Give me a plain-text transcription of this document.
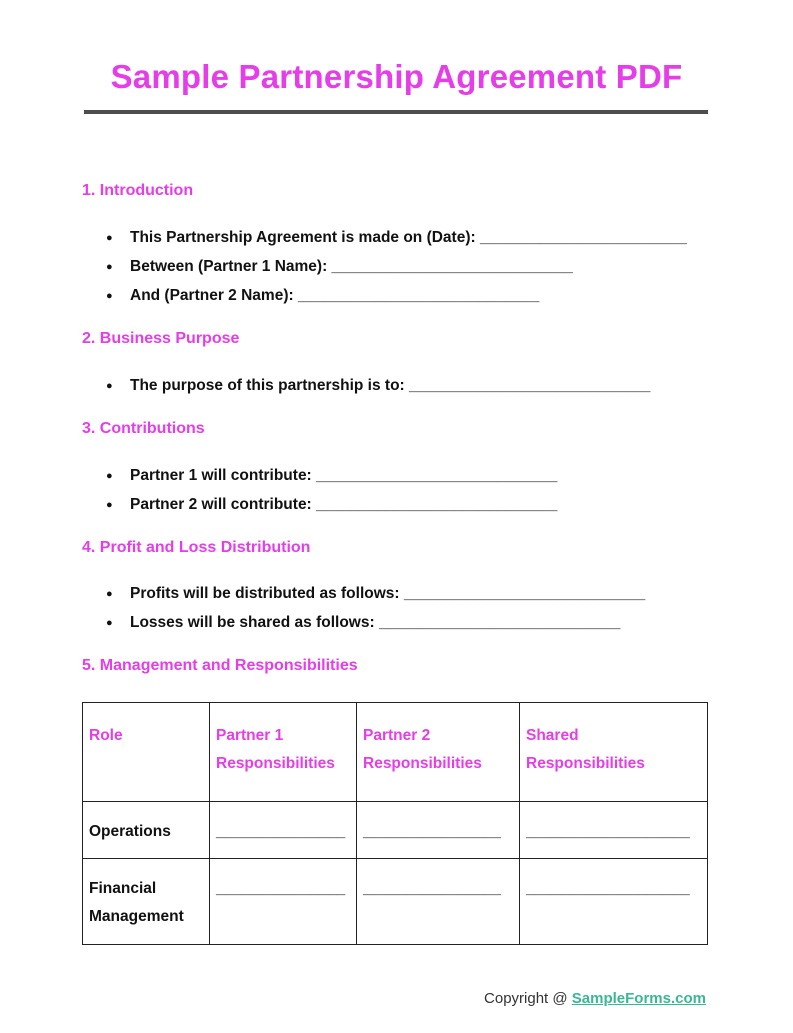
Sample Partnership Agreement PDF
1. Introduction
● This Partnership Agreement is made on (Date): ________________________
● Between (Partner 1 Name): ____________________________
● And (Partner 2 Name): ____________________________
2. Business Purpose
● The purpose of this partnership is to: ____________________________
3. Contributions
● Partner 1 will contribute: ____________________________
● Partner 2 will contribute: ____________________________
4. Profit and Loss Distribution
● Profits will be distributed as follows: ____________________________
● Losses will be shared as follows: ____________________________
5. Management and Responsibilities
Role	Partner 1 Responsibilities	Partner 2 Responsibilities	Shared Responsibilities
Operations	_______________	________________	___________________
Financial Management	_______________	________________	___________________
Copyright @ SampleForms.com
